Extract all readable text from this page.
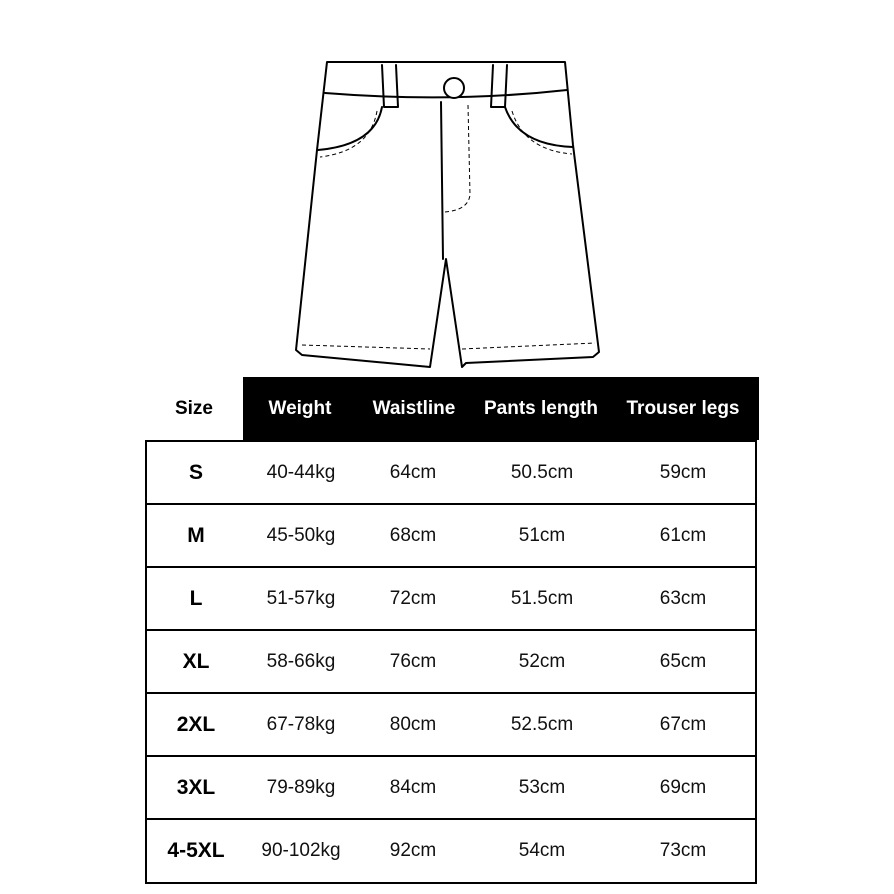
Size	Weight	Waistline	Pants length	Trouser legs
S	40-44kg	64cm	50.5cm	59cm
M	45-50kg	68cm	51cm	61cm
L	51-57kg	72cm	51.5cm	63cm
XL	58-66kg	76cm	52cm	65cm
2XL	67-78kg	80cm	52.5cm	67cm
3XL	79-89kg	84cm	53cm	69cm
4-5XL	90-102kg	92cm	54cm	73cm
